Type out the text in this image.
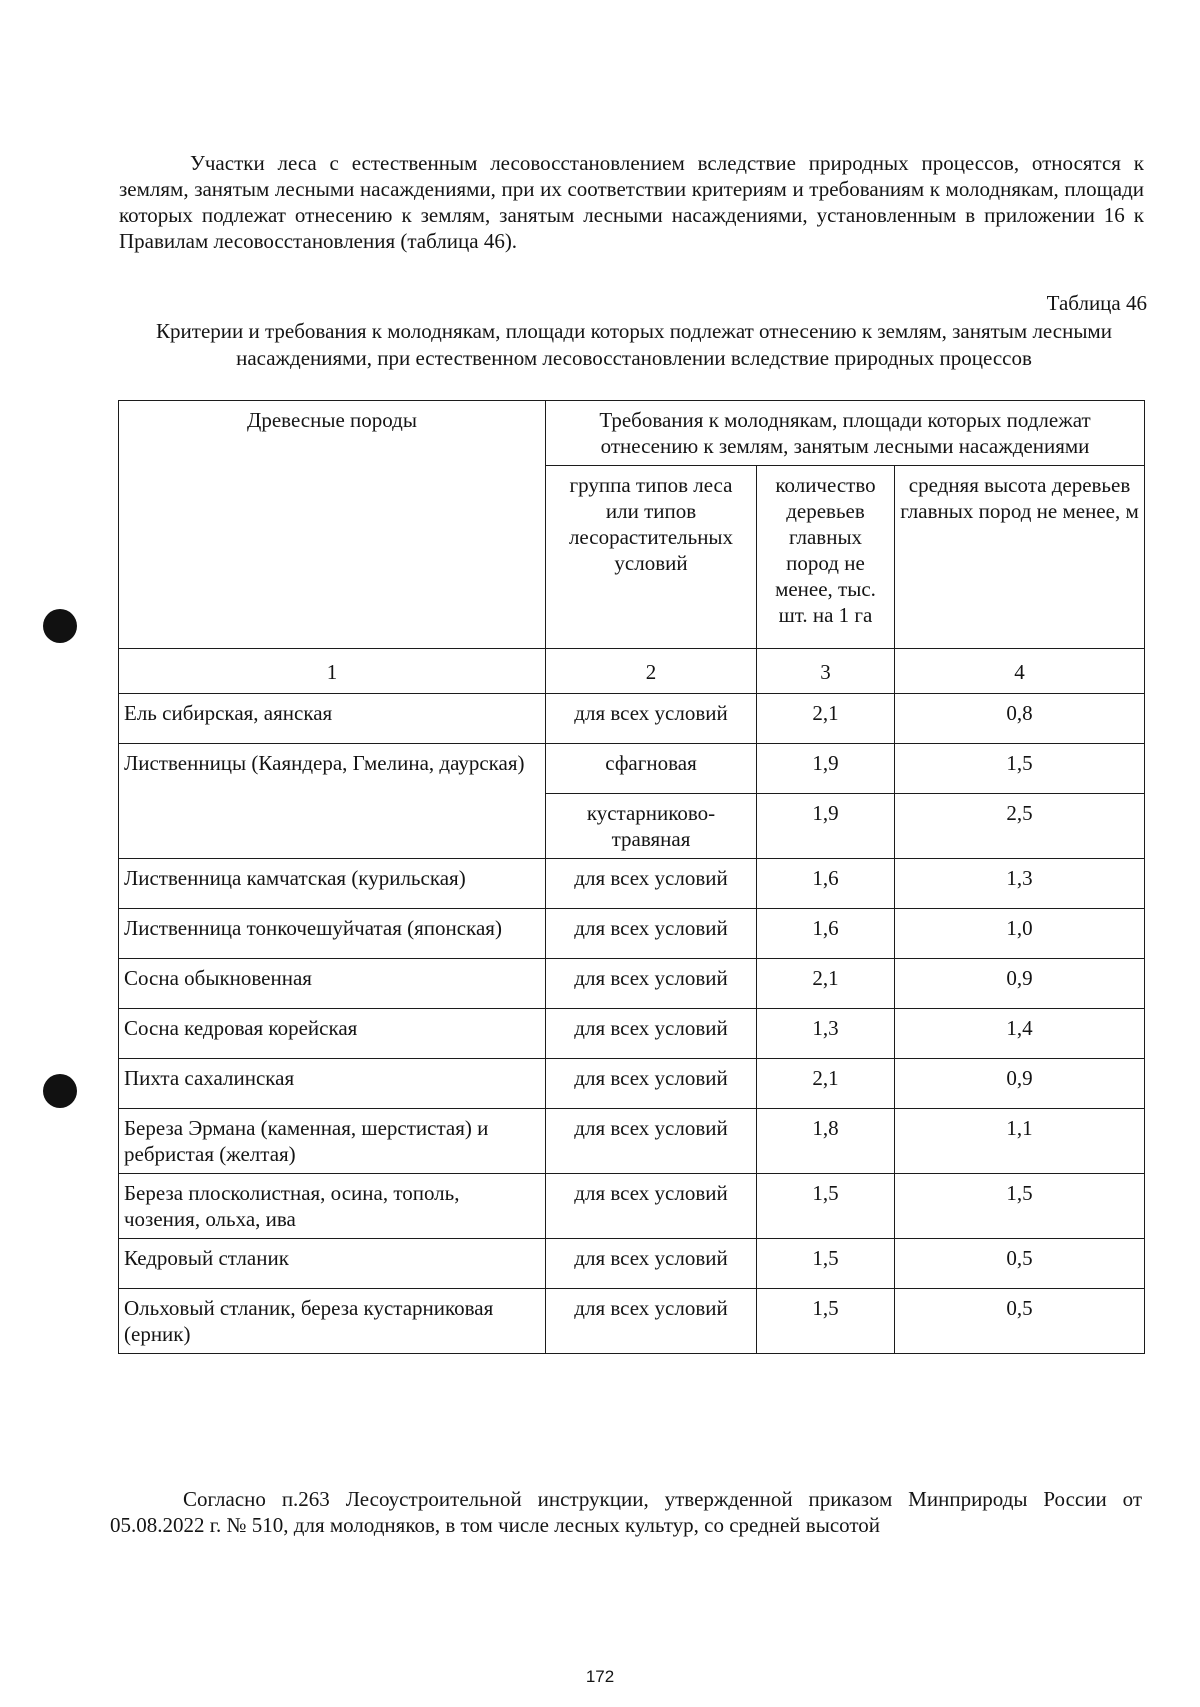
Участки леса с естественным лесовосстановлением вследствие природных процессов, относятся к землям, занятым лесными насаждениями, при их соответствии критериям и требованиям к молоднякам, площади которых подлежат отнесению к землям, занятым лесными насаждениями, установленным в приложении 16 к Правилам лесовосстановления (таблица 46).

Таблица 46
Критерии и требования к молоднякам, площади которых подлежат отнесению к землям, занятым лесными насаждениями, при естественном лесовосстановлении вследствие природных процессов
Древесные породы	Требования к молоднякам, площади которых подлежат отнесению к землям, занятым лесными насаждениями		
	группа типов леса или типов лесорастительных условий	количество деревьев главных пород не менее, тыс. шт. на 1 га	средняя высота деревьев главных пород не менее, м
1	2	3	4
Ель сибирская, аянская	для всех условий	2,1	0,8
Лиственницы (Каяндера, Гмелина, даурская)	сфагновая	1,9	1,5
	кустарниково-травяная	1,9	2,5
Лиственница камчатская (курильская)	для всех условий	1,6	1,3
Лиственница тонкочешуйчатая (японская)	для всех условий	1,6	1,0
Сосна обыкновенная	для всех условий	2,1	0,9
Сосна кедровая корейская	для всех условий	1,3	1,4
Пихта сахалинская	для всех условий	2,1	0,9
Береза Эрмана (каменная, шерстистая) и ребристая (желтая)	для всех условий	1,8	1,1
Береза плосколистная, осина, тополь, чозения, ольха, ива	для всех условий	1,5	1,5
Кедровый стланик	для всех условий	1,5	0,5
Ольховый стланик, береза кустарниковая (ерник)	для всех условий	1,5	0,5

Согласно п.263 Лесоустроительной инструкции, утвержденной приказом Минприроды России от 05.08.2022 г. № 510, для молодняков, в том числе лесных культур, со средней высотой

172
